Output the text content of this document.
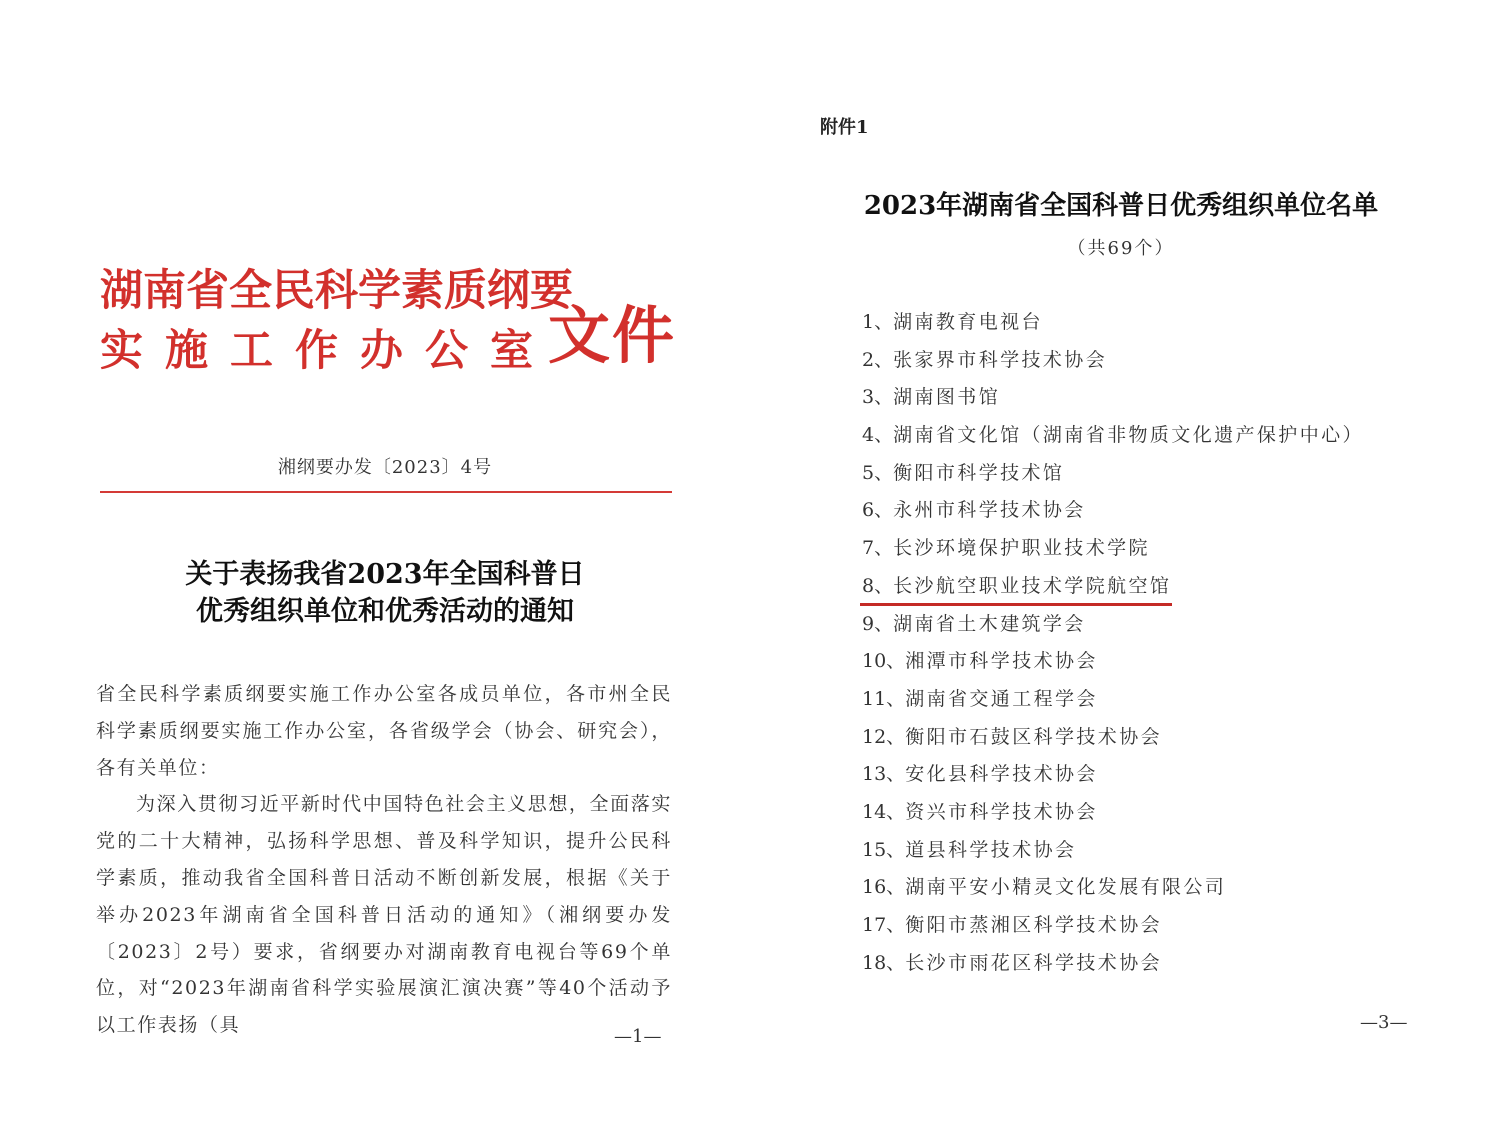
湖南省全民科学素质纲要
实施工作办公室
文件
湘纲要办发〔2023〕4号
关于表扬我省2023年全国科普日
优秀组织单位和优秀活动的通知

省全民科学素质纲要实施工作办公室各成员单位，各市州全民科学素质纲要实施工作办公室，各省级学会（协会、研究会），各有关单位：

为深入贯彻习近平新时代中国特色社会主义思想，全面落实党的二十大精神，弘扬科学思想、普及科学知识，提升公民科学素质，推动我省全国科普日活动不断创新发展，根据《关于举办2023年湖南省全国科普日活动的通知》（湘纲要办发〔2023〕2号）要求，省纲要办对湖南教育电视台等69个单位，对“2023年湖南省科学实验展演汇演决赛”等40个活动予以工作表扬（具

—1—
附件1
2023年湖南省全国科普日优秀组织单位名单
（共69个）
1、湖南教育电视台
2、张家界市科学技术协会
3、湖南图书馆
4、湖南省文化馆（湖南省非物质文化遗产保护中心）
5、衡阳市科学技术馆
6、永州市科学技术协会
7、长沙环境保护职业技术学院
8、长沙航空职业技术学院航空馆
9、湖南省土木建筑学会
10、湘潭市科学技术协会
11、湖南省交通工程学会
12、衡阳市石鼓区科学技术协会
13、安化县科学技术协会
14、资兴市科学技术协会
15、道县科学技术协会
16、湖南平安小精灵文化发展有限公司
17、衡阳市蒸湘区科学技术协会
18、长沙市雨花区科学技术协会
—3—
